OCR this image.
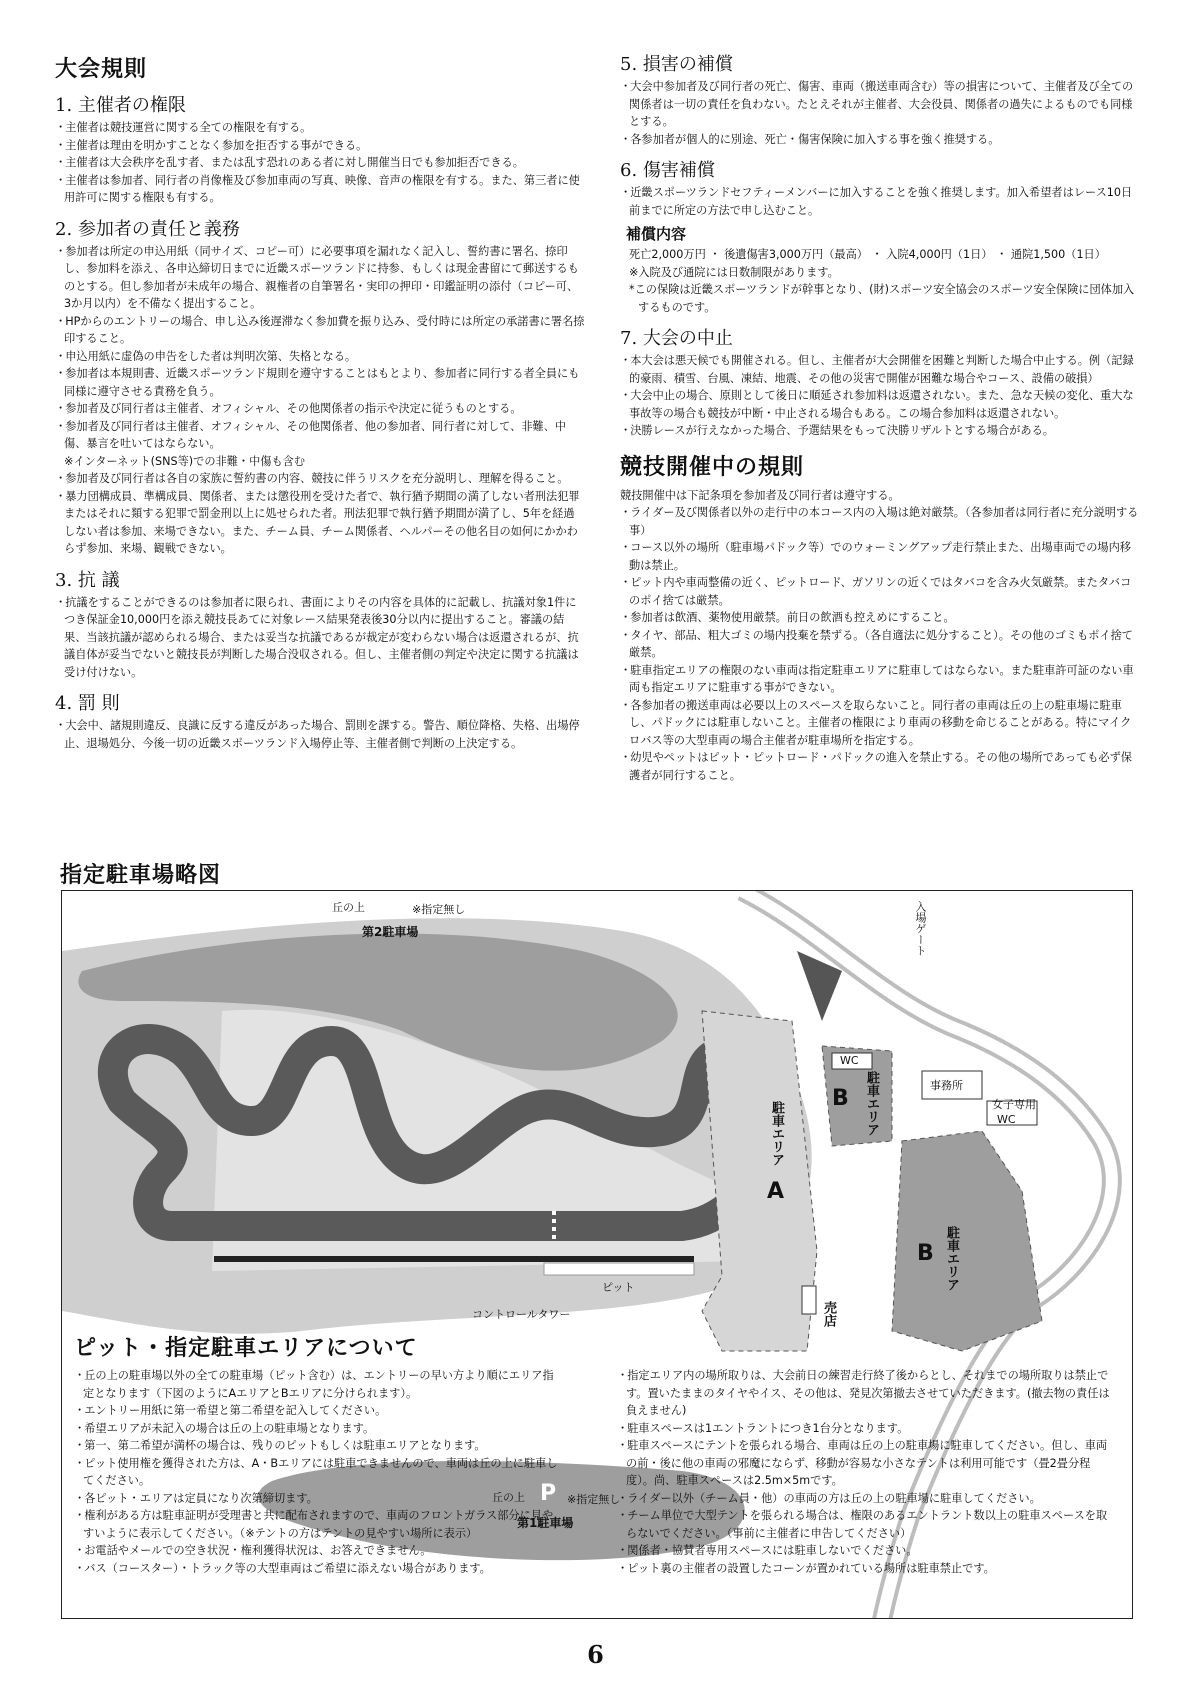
大会規則
1. 主催者の権限
・ 主催者は競技運営に関する全ての権限を有する。
・ 主催者は理由を明かすことなく参加を拒否する事ができる。
・ 主催者は大会秩序を乱す者、または乱す恐れのある者に対し開催当日でも参加拒否できる。
・ 主催者は参加者、同行者の肖像権及び参加車両の写真、映像、音声の権限を有する。また、第三者に使用許可に関する権限も有する。
2. 参加者の責任と義務
・ 参加者は所定の申込用紙（同サイズ、コピー可）に必要事項を漏れなく記入し、誓約書に署名、捺印し、参加料を添え、各申込締切日までに近畿スポーツランドに持参、もしくは現金書留にて郵送するものとする。但し参加者が未成年の場合、親権者の自筆署名・実印の押印・印鑑証明の添付（コピー可、3か月以内）を不備なく提出すること。
・ HPからのエントリーの場合、申し込み後遅滞なく参加費を振り込み、受付時には所定の承諾書に署名捺印すること。
・ 申込用紙に虚偽の申告をした者は判明次第、失格となる。
・ 参加者は本規則書、近畿スポーツランド規則を遵守することはもとより、参加者に同行する者全員にも同様に遵守させる責務を負う。
・ 参加者及び同行者は主催者、オフィシャル、その他関係者の指示や決定に従うものとする。
・ 参加者及び同行者は主催者、オフィシャル、その他関係者、他の参加者、同行者に対して、非難、中傷、暴言を吐いてはならない。
※インターネット(SNS等)での非難・中傷も含む
・ 参加者及び同行者は各自の家族に誓約書の内容、競技に伴うリスクを充分説明し、理解を得ること。
・ 暴力団構成員、準構成員、関係者、または懲役刑を受けた者で、執行猶予期間の満了しない者刑法犯罪またはそれに類する犯罪で罰金刑以上に処せられた者。刑法犯罪で執行猶予期間が満了し、5年を経過しない者は参加、来場できない。また、チーム員、チーム関係者、ヘルパーその他名目の如何にかかわらず参加、来場、観戦できない。
3. 抗 議
・ 抗議をすることができるのは参加者に限られ、書面によりその内容を具体的に記載し、抗議対象1件につき保証金10,000円を添え競技長あてに対象レース結果発表後30分以内に提出すること。審議の結果、当該抗議が認められる場合、または妥当な抗議であるが裁定が変わらない場合は返還されるが、抗議自体が妥当でないと競技長が判断した場合没収される。但し、主催者側の判定や決定に関する抗議は受け付けない。
4. 罰 則
・ 大会中、諸規則違反、良識に反する違反があった場合、罰則を課する。警告、順位降格、失格、出場停止、退場処分、今後一切の近畿スポーツランド入場停止等、主催者側で判断の上決定する。
5. 損害の補償
・ 大会中参加者及び同行者の死亡、傷害、車両（搬送車両含む）等の損害について、主催者及び全ての関係者は一切の責任を負わない。たとえそれが主催者、大会役員、関係者の過失によるものでも同様とする。
・ 各参加者が個人的に別途、死亡・傷害保険に加入する事を強く推奨する。
6. 傷害補償
・ 近畿スポーツランドセフティーメンバーに加入することを強く推奨します。加入希望者はレース10日前までに所定の方法で申し込むこと。
補償内容
死亡2,000万円 ・ 後遺傷害3,000万円（最高） ・ 入院4,000円（1日） ・ 通院1,500（1日）
※入院及び通院には日数制限があります。
*この保険は近畿スポーツランドが幹事となり、(財)スポーツ安全協会のスポーツ安全保険に団体加入するものです。
7. 大会の中止
・ 本大会は悪天候でも開催される。但し、主催者が大会開催を困難と判断した場合中止する。例（記録的豪雨、積雪、台風、凍結、地震、その他の災害で開催が困難な場合やコース、設備の破損）
・ 大会中止の場合、原則として後日に順延され参加料は返還されない。また、急な天候の変化、重大な事故等の場合も競技が中断・中止される場合もある。この場合参加料は返還されない。
・ 決勝レースが行えなかった場合、予選結果をもって決勝リザルトとする場合がある。
競技開催中の規則

競技開催中は下記条項を参加者及び同行者は遵守する。

・ ライダー及び関係者以外の走行中の本コース内の入場は絶対厳禁。（各参加者は同行者に充分説明する事）
・ コース以外の場所（駐車場パドック等）でのウォーミングアップ走行禁止また、出場車両での場内移動は禁止。
・ ピット内や車両整備の近く、ピットロード、ガソリンの近くではタバコを含み火気厳禁。またタバコのポイ捨ては厳禁。
・ 参加者は飲酒、薬物使用厳禁。前日の飲酒も控えめにすること。
・ タイヤ、部品、粗大ゴミの場内投棄を禁ずる。（各自適法に処分すること）。その他のゴミもポイ捨て厳禁。
・ 駐車指定エリアの権限のない車両は指定駐車エリアに駐車してはならない。また駐車許可証のない車両も指定エリアに駐車する事ができない。
・ 各参加者の搬送車両は必要以上のスペースを取らないこと。同行者の車両は丘の上の駐車場に駐車し、パドックには駐車しないこと。主催者の権限により車両の移動を命じることがある。特にマイクロバス等の大型車両の場合主催者が駐車場所を指定する。
・ 幼児やペットはピット・ピットロード・パドックの進入を禁止する。その他の場所であっても必ず保護者が同行すること。
指定駐車場略図
丘の上 P ※指定無し
第2駐車場
丘の上 P ※指定無し
第1駐車場
駐車エリア
A
駐車エリア
B
駐車エリア
B
WC
事務所
女子専用
WC
入場ゲート
売店
ピット
コントロールタワー
ピット・指定駐車エリアについて
・ 丘の上の駐車場以外の全ての駐車場（ピット含む）は、エントリーの早い方より順にエリア指定となります（下図のようにAエリアとBエリアに分けられます）。
・ エントリー用紙に第一希望と第二希望を記入してください。
・ 希望エリアが未記入の場合は丘の上の駐車場となります。
・ 第一、第二希望が満杯の場合は、残りのピットもしくは駐車エリアとなります。
・ ピット使用権を獲得された方は、A・Bエリアには駐車できませんので、車両は丘の上に駐車してください。
・ 各ピット・エリアは定員になり次第締切ます。
・ 権利がある方は駐車証明が受理書と共に配布されますので、車両のフロントガラス部分に見やすいように表示してください。（※テントの方はテントの見やすい場所に表示）
・ お電話やメールでの空き状況・権利獲得状況は、お答えできません。
・ バス（コースター）・トラック等の大型車両はご希望に添えない場合があります。
・ 指定エリア内の場所取りは、大会前日の練習走行終了後からとし、それまでの場所取りは禁止です。置いたままのタイヤやイス、その他は、発見次第撤去させていただきます。(撤去物の責任は負えません)
・ 駐車スペースは1エントラントにつき1台分となります。
・ 駐車スペースにテントを張られる場合、車両は丘の上の駐車場に駐車してください。但し、車両の前・後に他の車両の邪魔にならず、移動が容易な小さなテントは利用可能です（畳2畳分程度）。尚、駐車スペースは2.5m×5mです。
・ ライダー以外（チーム員・他）の車両の方は丘の上の駐車場に駐車してください。
・ チーム単位で大型テントを張られる場合は、権限のあるエントラント数以上の駐車スペースを取らないでください。（事前に主催者に申告してください）
・ 関係者・協賛者専用スペースには駐車しないでください。
・ ピット裏の主催者の設置したコーンが置かれている場所は駐車禁止です。
6
